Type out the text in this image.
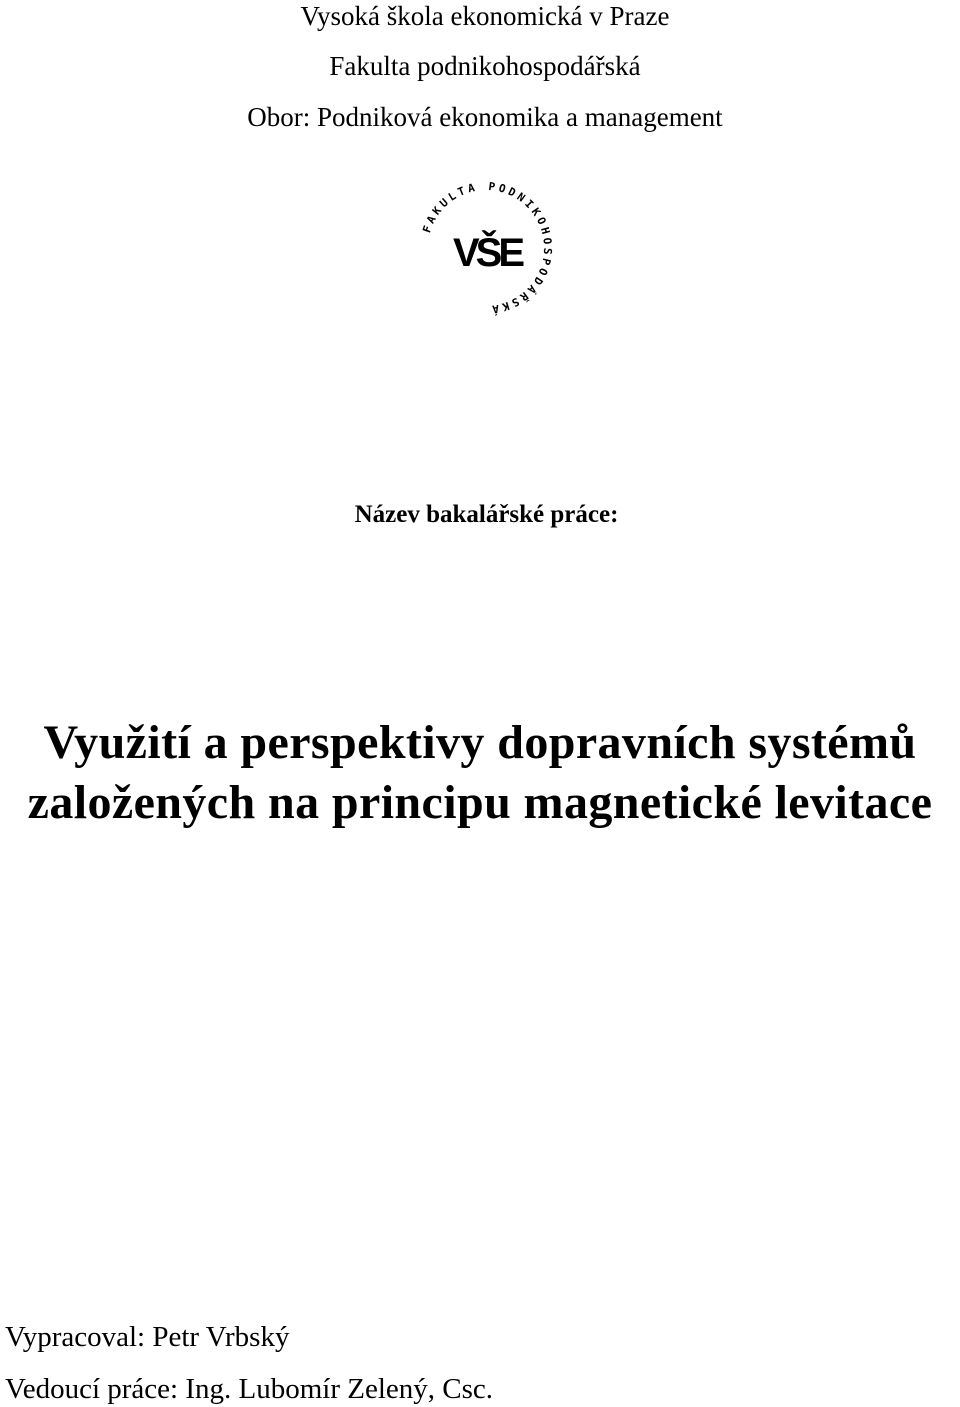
Vysoká škola ekonomická v Praze
Fakulta podnikohospodářská
Obor: Podniková ekonomika a management
FAKULTA PODNIKOHOSPODÁŘSKÁ
VŠE
Název bakalářské práce:
Využití a perspektivy dopravních systémů
založených na principu magnetické levitace
Vypracoval: Petr Vrbský
Vedoucí práce: Ing. Lubomír Zelený, Csc.
